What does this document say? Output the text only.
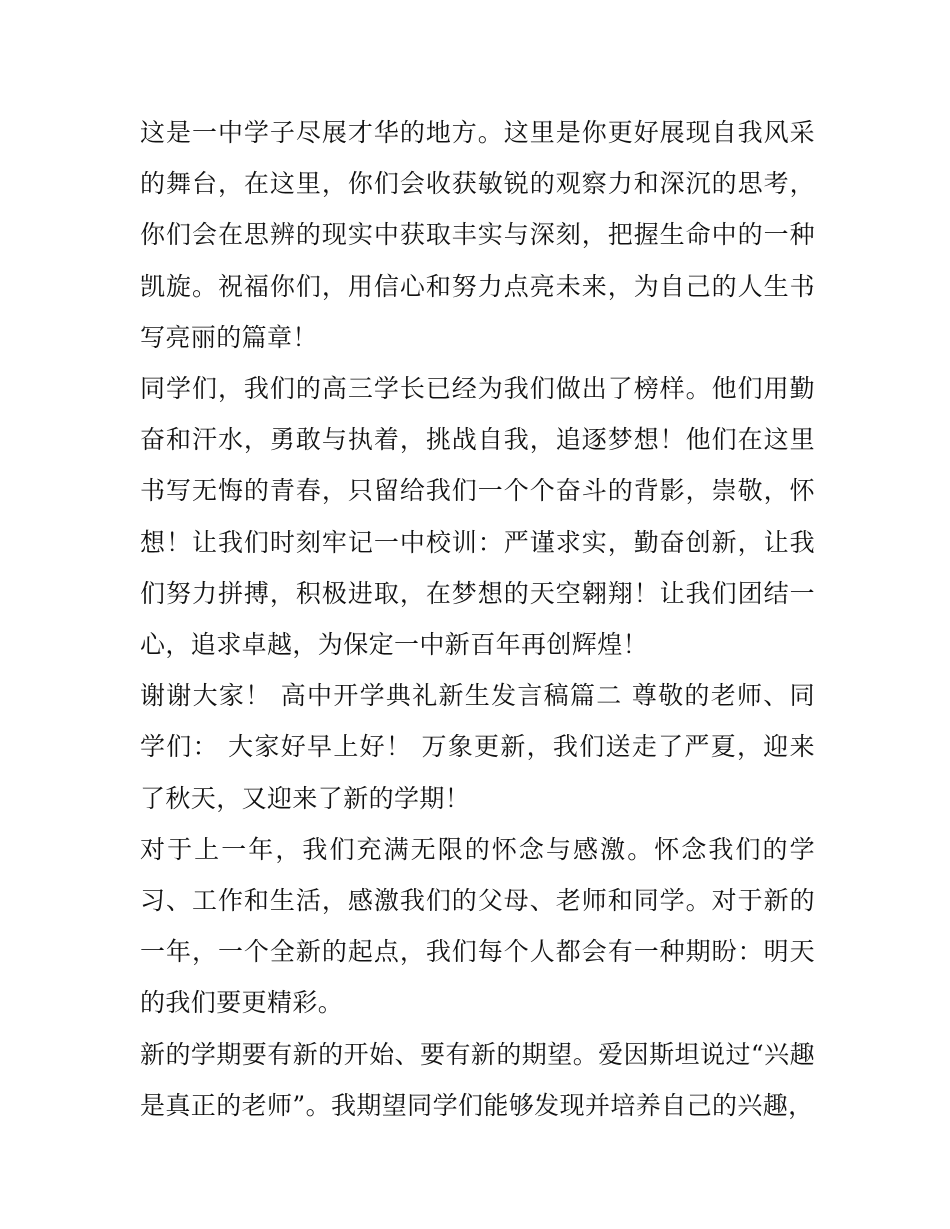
这是一中学子尽展才华的地方。这里是你更好展现自我风采的舞台，在这里，你们会收获敏锐的观察力和深沉的思考，你们会在思辨的现实中获取丰实与深刻，把握生命中的一种凯旋。祝福你们，用信心和努力点亮未来，为自己的人生书写亮丽的篇章！

同学们，我们的高三学长已经为我们做出了榜样。他们用勤奋和汗水，勇敢与执着，挑战自我，追逐梦想！他们在这里书写无悔的青春，只留给我们一个个奋斗的背影，崇敬，怀想！让我们时刻牢记一中校训：严谨求实，勤奋创新，让我们努力拼搏，积极进取，在梦想的天空翱翔！让我们团结一心，追求卓越，为保定一中新百年再创辉煌！

谢谢大家！ 高中开学典礼新生发言稿篇二 尊敬的老师、同学们： 大家好早上好！ 万象更新，我们送走了严夏，迎来了秋天，又迎来了新的学期！

对于上一年，我们充满无限的怀念与感激。怀念我们的学习、工作和生活，感激我们的父母、老师和同学。对于新的一年，一个全新的起点，我们每个人都会有一种期盼：明天的我们要更精彩。

新的学期要有新的开始、要有新的期望。爱因斯坦说过“兴趣是真正的老师”。我期望同学们能够发现并培养自己的兴趣，
